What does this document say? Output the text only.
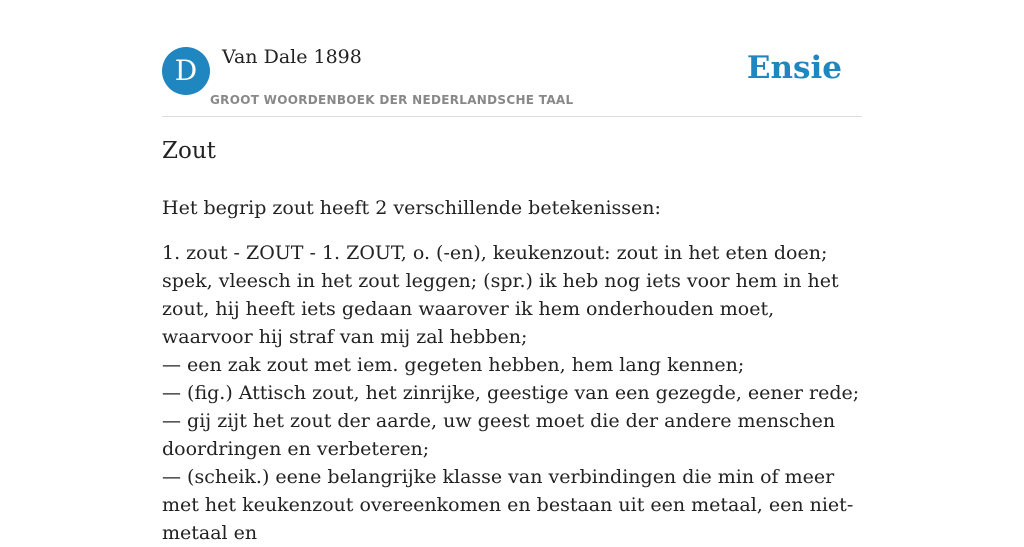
D	Van Dale 1898
GROOT WOORDENBOEK DER NEDERLANDSCHE TAAL
Ensie
Zout

Het begrip zout heeft 2 verschillende betekenissen:

1. zout - ZOUT - 1. ZOUT, o. (-en), keukenzout: zout in het eten doen; spek, vleesch in het zout leggen; (spr.) ik heb nog iets voor hem in het zout, hij heeft iets gedaan waarover ik hem onderhouden moet, waarvoor hij straf van mij zal hebben;
— een zak zout met iem. gegeten hebben, hem lang kennen;
— (fig.) Attisch zout, het zinrijke, geestige van een gezegde, eener rede;
— gij zijt het zout der aarde, uw geest moet die der andere menschen doordringen en verbeteren;
— (scheik.) eene belangrijke klasse van verbindingen die min of meer met het keukenzout overeenkomen en bestaan uit een metaal, een niet-metaal en
